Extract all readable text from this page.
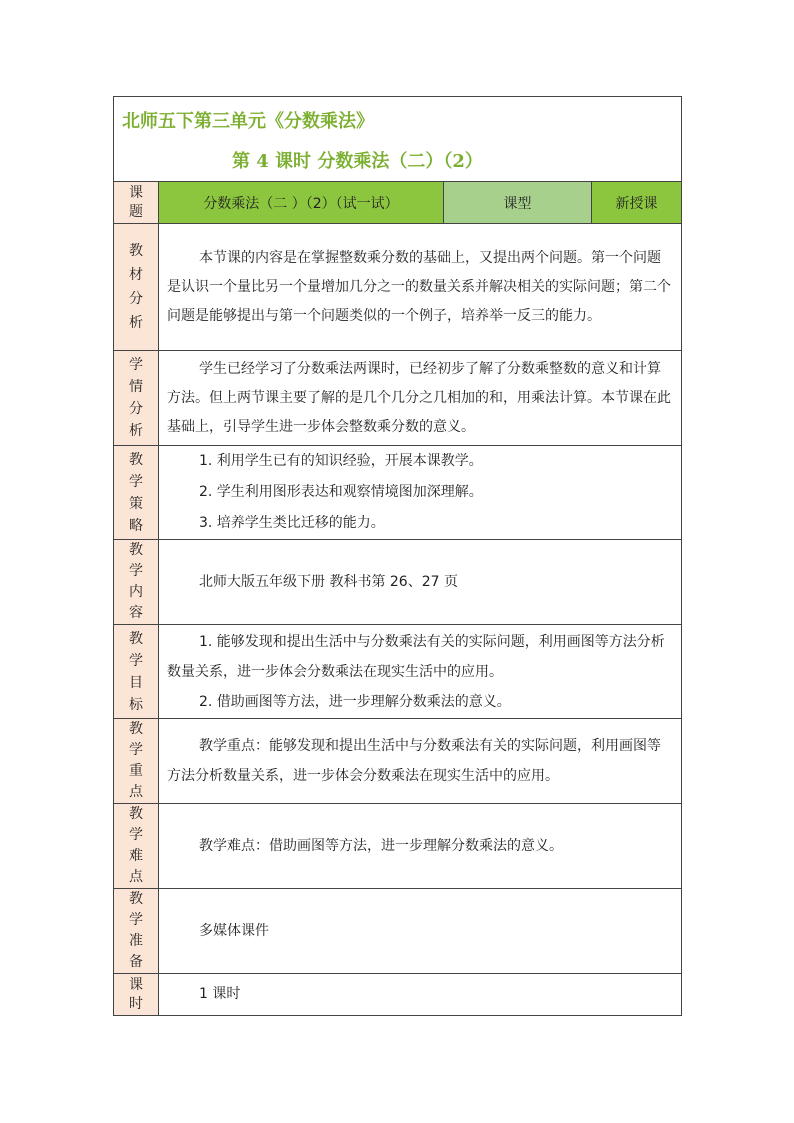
北师五下第三单元《分数乘法》
第 4 课时 分数乘法（二）（2）			

课题	分数乘法（二 ）（2）（试一试）	课型	新授课

教材分析	本节课的内容是在掌握整数乘分数的基础上，又提出两个问题。第一个问题是认识一个量比另一个量增加几分之一的数量关系并解决相关的实际问题；第二个问题是能够提出与第一个问题类似的一个例子，培养举一反三的能力。		

学情分析	学生已经学习了分数乘法两课时，已经初步了解了分数乘整数的意义和计算方法。但上两节课主要了解的是几个几分之几相加的和，用乘法计算。本节课在此基础上，引导学生进一步体会整数乘分数的意义。		

教学策略	1. 利用学生已有的知识经验，开展本课教学。

2. 学生利用图形表达和观察情境图加深理解。

3. 培养学生类比迁移的能力。		

教学内容	北师大版五年级下册 教科书第 26、27 页		

教学目标	1. 能够发现和提出生活中与分数乘法有关的实际问题，利用画图等方法分析数量关系，进一步体会分数乘法在现实生活中的应用。

2. 借助画图等方法，进一步理解分数乘法的意义。		

教学重点	教学重点：能够发现和提出生活中与分数乘法有关的实际问题，利用画图等方法分析数量关系，进一步体会分数乘法在现实生活中的应用。		

教学难点	教学难点：借助画图等方法，进一步理解分数乘法的意义。		

教学准备	多媒体课件		

课时	1 课时		
